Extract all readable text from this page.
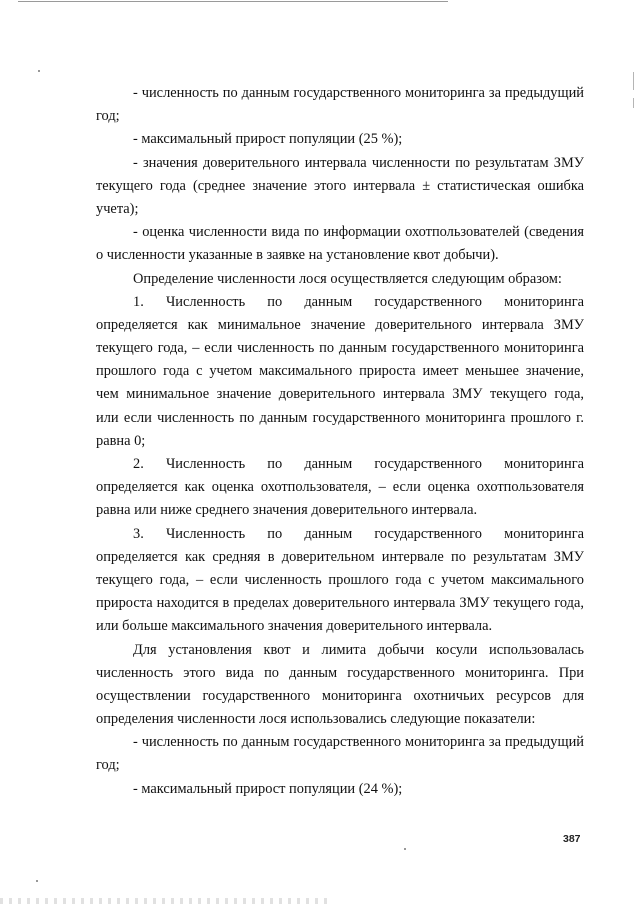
- численность по данным государственного мониторинга за предыдущий
год;
- максимальный прирост популяции (25 %);
- значения доверительного интервала численности по результатам ЗМУ
текущего года (среднее значение этого интервала ± статистическая ошибка
учета);
- оценка численности вида по информации охотпользователей (сведения
о численности указанные в заявке на установление квот добычи).
Определение численности лося осуществляется следующим образом:
1. Численность по данным государственного мониторинга
определяется как минимальное значение доверительного интервала ЗМУ
текущего года, – если численность по данным государственного мониторинга
прошлого года с учетом максимального прироста имеет меньшее значение,
чем минимальное значение доверительного интервала ЗМУ текущего года,
или если численность по данным государственного мониторинга прошлого г.
равна 0;
2. Численность по данным государственного мониторинга
определяется как оценка охотпользователя, – если оценка охотпользователя
равна или ниже среднего значения доверительного интервала.
3. Численность по данным государственного мониторинга
определяется как средняя в доверительном интервале по результатам ЗМУ
текущего года, – если численность прошлого года с учетом максимального
прироста находится в пределах доверительного интервала ЗМУ текущего года,
или больше максимального значения доверительного интервала.
Для установления квот и лимита добычи косули использовалась
численность этого вида по данным государственного мониторинга. При
осуществлении государственного мониторинга охотничьих ресурсов для
определения численности лося использовались следующие показатели:
- численность по данным государственного мониторинга за предыдущий
год;
- максимальный прирост популяции (24 %);
387
